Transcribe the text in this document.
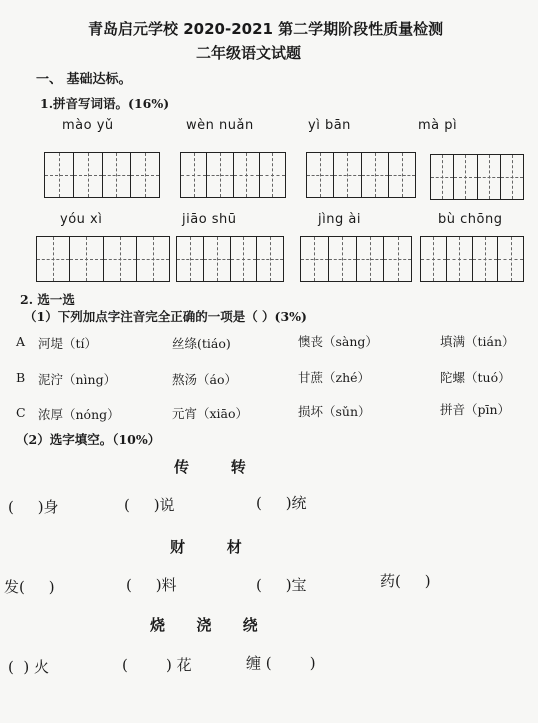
青岛启元学校 2020-2021 第二学期阶段性质量检测
二年级语文试题
一、 基础达标。
1.拼音写词语。(16%)
mào yǔ	wèn nuǎn	yì bān	mà pì
yóu xì	jiāo shū	jìng ài	bù chōng
2. 选一选
（1）下列加点字注音完全正确的一项是（ ）(3%)
A 河堤（tí）	丝绦(tiáo)	懊丧（sàng）	填满（tián）
B 泥泞（nìng）	熬汤（áo）	甘蔗（zhé）	陀螺（tuó）
C 浓厚（nóng）	元宵（xiāo）	损坏（sǔn）	拼音（pīn）
（2）选字填空。（10%）
传        转
(     )身	(     )说	(     )统
财        材
发(     )	(     )料	(     )宝	药(     )
烧      浇      绕
(  ) 火	(        ) 花	缠 (        )
